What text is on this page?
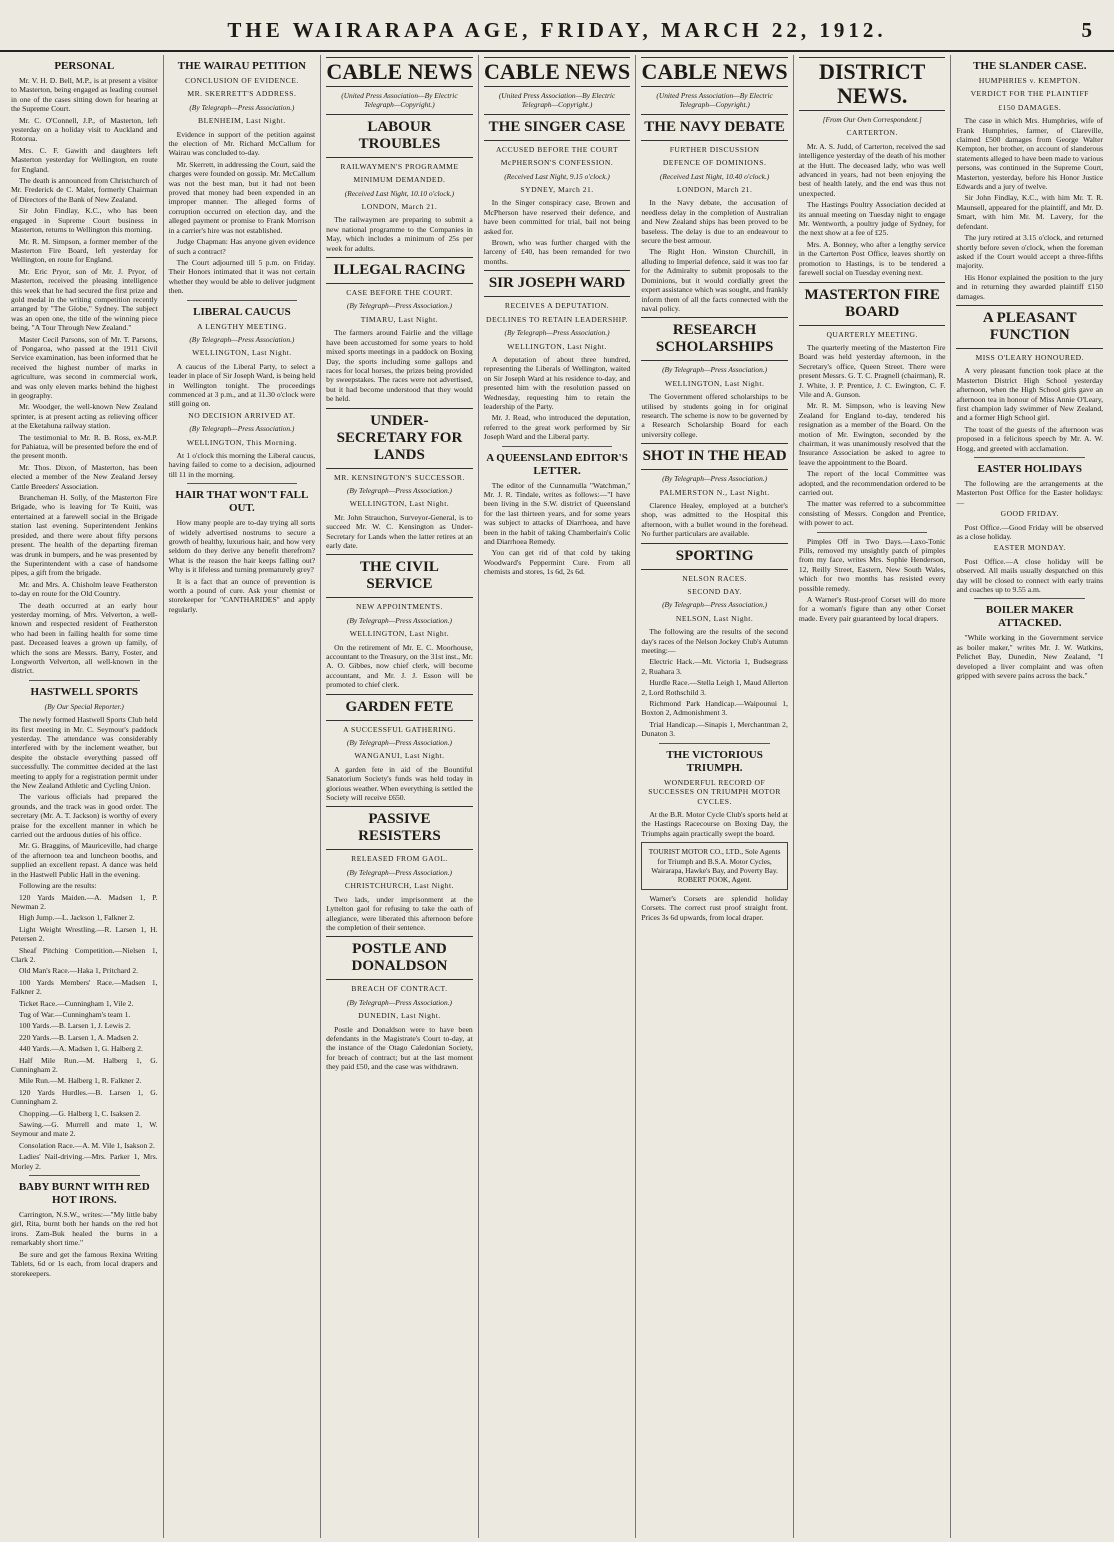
THE WAIRARAPA AGE, FRIDAY, MARCH 22, 1912.	5
PERSONAL

Mr. V. H. D. Bell, M.P., is at present a visitor to Masterton, being engaged as leading counsel in one of the cases sitting down for hearing at the Supreme Court.

Mr. C. O'Connell, J.P., of Masterton, left yesterday on a holiday visit to Auckland and Rotorua.

Mrs. C. F. Gawith and daughters left Masterton yesterday for Wellington, en route for England.

The death is announced from Christchurch of Mr. Frederick de C. Malet, formerly Chairman of Directors of the Bank of New Zealand.

Sir John Findlay, K.C., who has been engaged in Supreme Court business in Masterton, returns to Wellington this morning.

Mr. R. M. Simpson, a former member of the Masterton Fire Board, left yesterday for Wellington, en route for England.

Mr. Eric Pryor, son of Mr. J. Pryor, of Masterton, received the pleasing intelligence this week that he had secured the first prize and gold medal in the writing competition recently arranged by "The Globe," Sydney. The subject was an open one, the title of the winning piece being, "A Tour Through New Zealand."

Master Cecil Parsons, son of Mr. T. Parsons, of Pongaroa, who passed at the 1911 Civil Service examination, has been informed that he received the highest number of marks in agriculture, was second in commercial work, and was only eleven marks behind the highest in geography.

Mr. Woodger, the well-known New Zealand sprinter, is at present acting as relieving officer at the Eketahuna railway station.

The testimonial to Mr. R. B. Ross, ex-M.P. for Pahiatua, will be presented before the end of the present month.

Mr. Thos. Dixon, of Masterton, has been elected a member of the New Zealand Jersey Cattle Breeders' Association.

Brancheman H. Solly, of the Masterton Fire Brigade, who is leaving for Te Kuiti, was entertained at a farewell social in the Brigade station last evening. Superintendent Jenkins presided, and there were about fifty persons present. The health of the departing fireman was drunk in bumpers, and he was presented by the Superintendent with a case of handsome pipes, a gift from the brigade.

Mr. and Mrs. A. Chisholm leave Featherston to-day en route for the Old Country.

The death occurred at an early hour yesterday morning, of Mrs. Velverton, a well-known and respected resident of Featherston who had been in failing health for some time past. Deceased leaves a grown up family, of which the sons are Messrs. Barry, Foster, and Longworth Velverton, all well-known in the district.

HASTWELL SPORTS
(By Our Special Reporter.)

The newly formed Hastwell Sports Club held its first meeting in Mr. C. Seymour's paddock yesterday. The attendance was considerably interfered with by the inclement weather, but despite the obstacle everything passed off successfully. The committee decided at the last meeting to apply for a registration permit under the New Zealand Athletic and Cycling Union.

The various officials had prepared the grounds, and the track was in good order. The secretary (Mr. A. T. Jackson) is worthy of every praise for the excellent manner in which he carried out the arduous duties of his office.

Mr. G. Braggins, of Mauriceville, had charge of the afternoon tea and luncheon booths, and supplied an excellent repast. A dance was held in the Hastwell Public Hall in the evening.

Following are the results:

120 Yards Maiden.—A. Madsen 1, P. Newman 2.

High Jump.—L. Jackson 1, Falkner 2.

Light Weight Wrestling.—R. Larsen 1, H. Petersen 2.

Sheaf Pitching Competition.—Nielsen 1, Clark 2.

Old Man's Race.—Haka 1, Pritchard 2.

100 Yards Members' Race.—Madsen 1, Falkner 2.

Ticket Race.—Cunningham 1, Vile 2.

Tug of War.—Cunningham's team 1.

100 Yards.—B. Larsen 1, J. Lewis 2.

220 Yards.—B. Larsen 1, A. Madsen 2.

440 Yards.—A. Madsen 1, G. Halberg 2.

Half Mile Run.—M. Halberg 1, G. Cunningham 2.

Mile Run.—M. Halberg 1, R. Falkner 2.

120 Yards Hurdles.—B. Larsen 1, G. Cunningham 2.

Chopping.—G. Halberg 1, C. Isaksen 2.

Sawing.—G. Murrell and mate 1, W. Seymour and mate 2.

Consolation Race.—A. M. Vile 1, Isakson 2.

Ladies' Nail-driving.—Mrs. Parker 1, Mrs. Morley 2.

BABY BURNT WITH RED HOT IRONS.

Carrington, N.S.W., writes:—"My little baby girl, Rita, burnt both her hands on the red hot irons. Zam-Buk healed the burns in a remarkably short time."

Be sure and get the famous Rexina Writing Tablets, 6d or 1s each, from local drapers and storekeepers.

THE WAIRAU PETITION
CONCLUSION OF EVIDENCE.
MR. SKERRETT'S ADDRESS.
(By Telegraph—Press Association.)
BLENHEIM, Last Night.

Evidence in support of the petition against the election of Mr. Richard McCallum for Wairau was concluded to-day.

Mr. Skerrett, in addressing the Court, said the charges were founded on gossip. Mr. McCallum was not the best man, but it had not been proved that money had been expended in an improper manner. The alleged forms of corruption occurred on election day, and the alleged payment or promise to Frank Morrison in a carrier's hire was not established.

Judge Chapman: Has anyone given evidence of such a contract?

The Court adjourned till 5 p.m. on Friday. Their Honors intimated that it was not certain whether they would be able to deliver judgment then.

LIBERAL CAUCUS
A LENGTHY MEETING.
(By Telegraph—Press Association.)
WELLINGTON, Last Night.

A caucus of the Liberal Party, to select a leader in place of Sir Joseph Ward, is being held in Wellington tonight. The proceedings commenced at 3 p.m., and at 11.30 o'clock were still going on.

NO DECISION ARRIVED AT.
(By Telegraph—Press Association.)
WELLINGTON, This Morning.

At 1 o'clock this morning the Liberal caucus, having failed to come to a decision, adjourned till 11 in the morning.

HAIR THAT WON'T FALL OUT.

How many people are to-day trying all sorts of widely advertised nostrums to secure a growth of healthy, luxurious hair, and how very seldom do they derive any benefit therefrom? What is the reason the hair keeps falling out? Why is it lifeless and turning prematurely grey?

It is a fact that an ounce of prevention is worth a pound of cure. Ask your chemist or storekeeper for "CANTHARIDES" and apply regularly.

CABLE NEWS
(United Press Association—By Electric Telegraph—Copyright.)
LABOUR TROUBLES
RAILWAYMEN'S PROGRAMME
MINIMUM DEMANDED.
(Received Last Night, 10.10 o'clock.)
LONDON, March 21.

The railwaymen are preparing to submit a new national programme to the Companies in May, which includes a minimum of 25s per week for adults.

ILLEGAL RACING
CASE BEFORE THE COURT.
(By Telegraph—Press Association.)
TIMARU, Last Night.

The farmers around Fairlie and the village have been accustomed for some years to hold mixed sports meetings in a paddock on Boxing Day, the sports including some gallops and races for local horses, the prizes being provided by sweepstakes. The races were not advertised, but it had become understood that they would be held.

UNDER-SECRETARY FOR LANDS
MR. KENSINGTON'S SUCCESSOR.
(By Telegraph—Press Association.)
WELLINGTON, Last Night.

Mr. John Strauchon, Surveyor-General, is to succeed Mr. W. C. Kensington as Under-Secretary for Lands when the latter retires at an early date.

THE CIVIL SERVICE
NEW APPOINTMENTS.
(By Telegraph—Press Association.)
WELLINGTON, Last Night.

On the retirement of Mr. E. C. Moorhouse, accountant to the Treasury, on the 31st inst., Mr. A. O. Gibbes, now chief clerk, will become accountant, and Mr. J. J. Esson will be promoted to chief clerk.

GARDEN FETE
A SUCCESSFUL GATHERING.
(By Telegraph—Press Association.)
WANGANUI, Last Night.

A garden fete in aid of the Bountiful Sanatorium Society's funds was held today in glorious weather. When everything is settled the Society will receive £650.

PASSIVE RESISTERS
RELEASED FROM GAOL.
(By Telegraph—Press Association.)
CHRISTCHURCH, Last Night.

Two lads, under imprisonment at the Lyttelton gaol for refusing to take the oath of allegiance, were liberated this afternoon before the completion of their sentence.

POSTLE AND DONALDSON
BREACH OF CONTRACT.
(By Telegraph—Press Association.)
DUNEDIN, Last Night.

Postle and Donaldson were to have been defendants in the Magistrate's Court to-day, at the instance of the Otago Caledonian Society, for breach of contract; but at the last moment they paid £50, and the case was withdrawn.

CABLE NEWS
(United Press Association—By Electric Telegraph—Copyright.)
THE SINGER CASE
ACCUSED BEFORE THE COURT
McPHERSON'S CONFESSION.
(Received Last Night, 9.15 o'clock.)
SYDNEY, March 21.

In the Singer conspiracy case, Brown and McPherson have reserved their defence, and have been committed for trial, bail not being asked for.

Brown, who was further charged with the larceny of £40, has been remanded for two months.

SIR JOSEPH WARD
RECEIVES A DEPUTATION.
DECLINES TO RETAIN LEADERSHIP.
(By Telegraph—Press Association.)
WELLINGTON, Last Night.

A deputation of about three hundred, representing the Liberals of Wellington, waited on Sir Joseph Ward at his residence to-day, and presented him with the resolution passed on Wednesday, requesting him to retain the leadership of the Party.

Mr. J. Read, who introduced the deputation, referred to the great work performed by Sir Joseph Ward and the Liberal party.

A QUEENSLAND EDITOR'S LETTER.

The editor of the Cunnamulla "Watchman," Mr. J. R. Tindale, writes as follows:—"I have been living in the S.W. district of Queensland for the last thirteen years, and for some years was subject to attacks of Diarrhoea, and have been in the habit of taking Chamberlain's Colic and Diarrhoea Remedy.

You can get rid of that cold by taking Woodward's Peppermint Cure. From all chemists and stores, 1s 6d, 2s 6d.

CABLE NEWS
(United Press Association—By Electric Telegraph—Copyright.)
THE NAVY DEBATE
FURTHER DISCUSSION
DEFENCE OF DOMINIONS.
(Received Last Night, 10.40 o'clock.)
LONDON, March 21.

In the Navy debate, the accusation of needless delay in the completion of Australian and New Zealand ships has been proved to be baseless. The delay is due to an endeavour to secure the best armour.

The Right Hon. Winston Churchill, in alluding to Imperial defence, said it was too far for the Admiralty to submit proposals to the Dominions, but it would cordially greet the expert assistance which was sought, and frankly inform them of all the facts connected with the naval policy.

RESEARCH SCHOLARSHIPS
(By Telegraph—Press Association.)
WELLINGTON, Last Night.

The Government offered scholarships to be utilised by students going in for original research. The scheme is now to be governed by a Research Scholarship Board for each university college.

SHOT IN THE HEAD
(By Telegraph—Press Association.)
PALMERSTON N., Last Night.

Clarence Healey, employed at a butcher's shop, was admitted to the Hospital this afternoon, with a bullet wound in the forehead. No further particulars are available.

SPORTING
NELSON RACES.
SECOND DAY.
(By Telegraph—Press Association.)
NELSON, Last Night.

The following are the results of the second day's races of the Nelson Jockey Club's Autumn meeting:—

Electric Hack.—Mt. Victoria 1, Budsegrass 2, Ruahara 3.

Hurdle Race.—Stella Leigh 1, Maud Allerton 2, Lord Rothschild 3.

Richmond Park Handicap.—Waipounui 1, Boxton 2, Admonishment 3.

Trial Handicap.—Sinapis 1, Merchantman 2, Dunaton 3.

THE VICTORIOUS TRIUMPH.
WONDERFUL RECORD OF SUCCESSES ON TRIUMPH MOTOR CYCLES.

At the B.R. Motor Cycle Club's sports held at the Hastings Racecourse on Boxing Day, the Triumphs again practically swept the board.

TOURIST MOTOR CO., LTD., Sole Agents for Triumph and B.S.A. Motor Cycles, Wairarapa, Hawke's Bay, and Poverty Bay. ROBERT POOK, Agent.

Warner's Corsets are splendid holiday Corsets. The correct rust proof straight front. Prices 3s 6d upwards, from local draper.

DISTRICT NEWS.
[From Our Own Correspondent.]
CARTERTON.

Mr. A. S. Judd, of Carterton, received the sad intelligence yesterday of the death of his mother at the Hutt. The deceased lady, who was well advanced in years, had not been enjoying the best of health lately, and the end was thus not unexpected.

The Hastings Poultry Association decided at its annual meeting on Tuesday night to engage Mr. Wentworth, a poultry judge of Sydney, for the next show at a fee of £25.

Mrs. A. Bonney, who after a lengthy service in the Carterton Post Office, leaves shortly on promotion to Hastings, is to be tendered a farewell social on Tuesday evening next.

MASTERTON FIRE BOARD
QUARTERLY MEETING.

The quarterly meeting of the Masterton Fire Board was held yesterday afternoon, in the Secretary's office, Queen Street. There were present Messrs. G. T. C. Pragnell (chairman), R. J. White, J. P. Prentice, J. C. Ewington, C. F. Vile and A. Gunson.

Mr. R. M. Simpson, who is leaving New Zealand for England to-day, tendered his resignation as a member of the Board. On the motion of Mr. Ewington, seconded by the chairman, it was unanimously resolved that the Insurance Association be asked to agree to leave the appointment to the Board.

The report of the local Committee was adopted, and the recommendation ordered to be carried out.

The matter was referred to a subcommittee consisting of Messrs. Congdon and Prentice, with power to act.

Pimples Off in Two Days.—Laxo-Tonic Pills, removed my unsightly patch of pimples from my face, writes Mrs. Sophie Henderson, 12, Reilly Street, Eastern, New South Wales, which for two months has resisted every possible remedy.

A Warner's Rust-proof Corset will do more for a woman's figure than any other Corset made. Every pair guaranteed by local drapers.

THE SLANDER CASE.
HUMPHRIES v. KEMPTON.
VERDICT FOR THE PLAINTIFF
£150 DAMAGES.

The case in which Mrs. Humphries, wife of Frank Humphries, farmer, of Clareville, claimed £500 damages from George Walter Kempton, her brother, on account of slanderous statements alleged to have been made to various persons, was continued in the Supreme Court, Masterton, yesterday, before his Honor Justice Edwards and a jury of twelve.

Sir John Findlay, K.C., with him Mr. T. R. Maunsell, appeared for the plaintiff, and Mr. D. Smart, with him Mr. M. Lavery, for the defendant.

The jury retired at 3.15 o'clock, and returned shortly before seven o'clock, when the foreman asked if the Court would accept a three-fifths majority.

His Honor explained the position to the jury and in returning they awarded plaintiff £150 damages.

A PLEASANT FUNCTION
MISS O'LEARY HONOURED.

A very pleasant function took place at the Masterton District High School yesterday afternoon, when the High School girls gave an afternoon tea in honour of Miss Annie O'Leary, first champion lady swimmer of New Zealand, and a former High School girl.

The toast of the guests of the afternoon was proposed in a felicitous speech by Mr. A. W. Hogg, and greeted with acclamation.

EASTER HOLIDAYS

The following are the arrangements at the Masterton Post Office for the Easter holidays:—

GOOD FRIDAY.

Post Office.—Good Friday will be observed as a close holiday.

EASTER MONDAY.

Post Office.—A close holiday will be observed. All mails usually despatched on this day will be closed to connect with early trains and coaches up to 9.55 a.m.

BOILER MAKER ATTACKED.

"While working in the Government service as boiler maker," writes Mr. J. W. Watkins, Pelichet Bay, Dunedin, New Zealand, "I developed a liver complaint and was often gripped with severe pains across the back."
